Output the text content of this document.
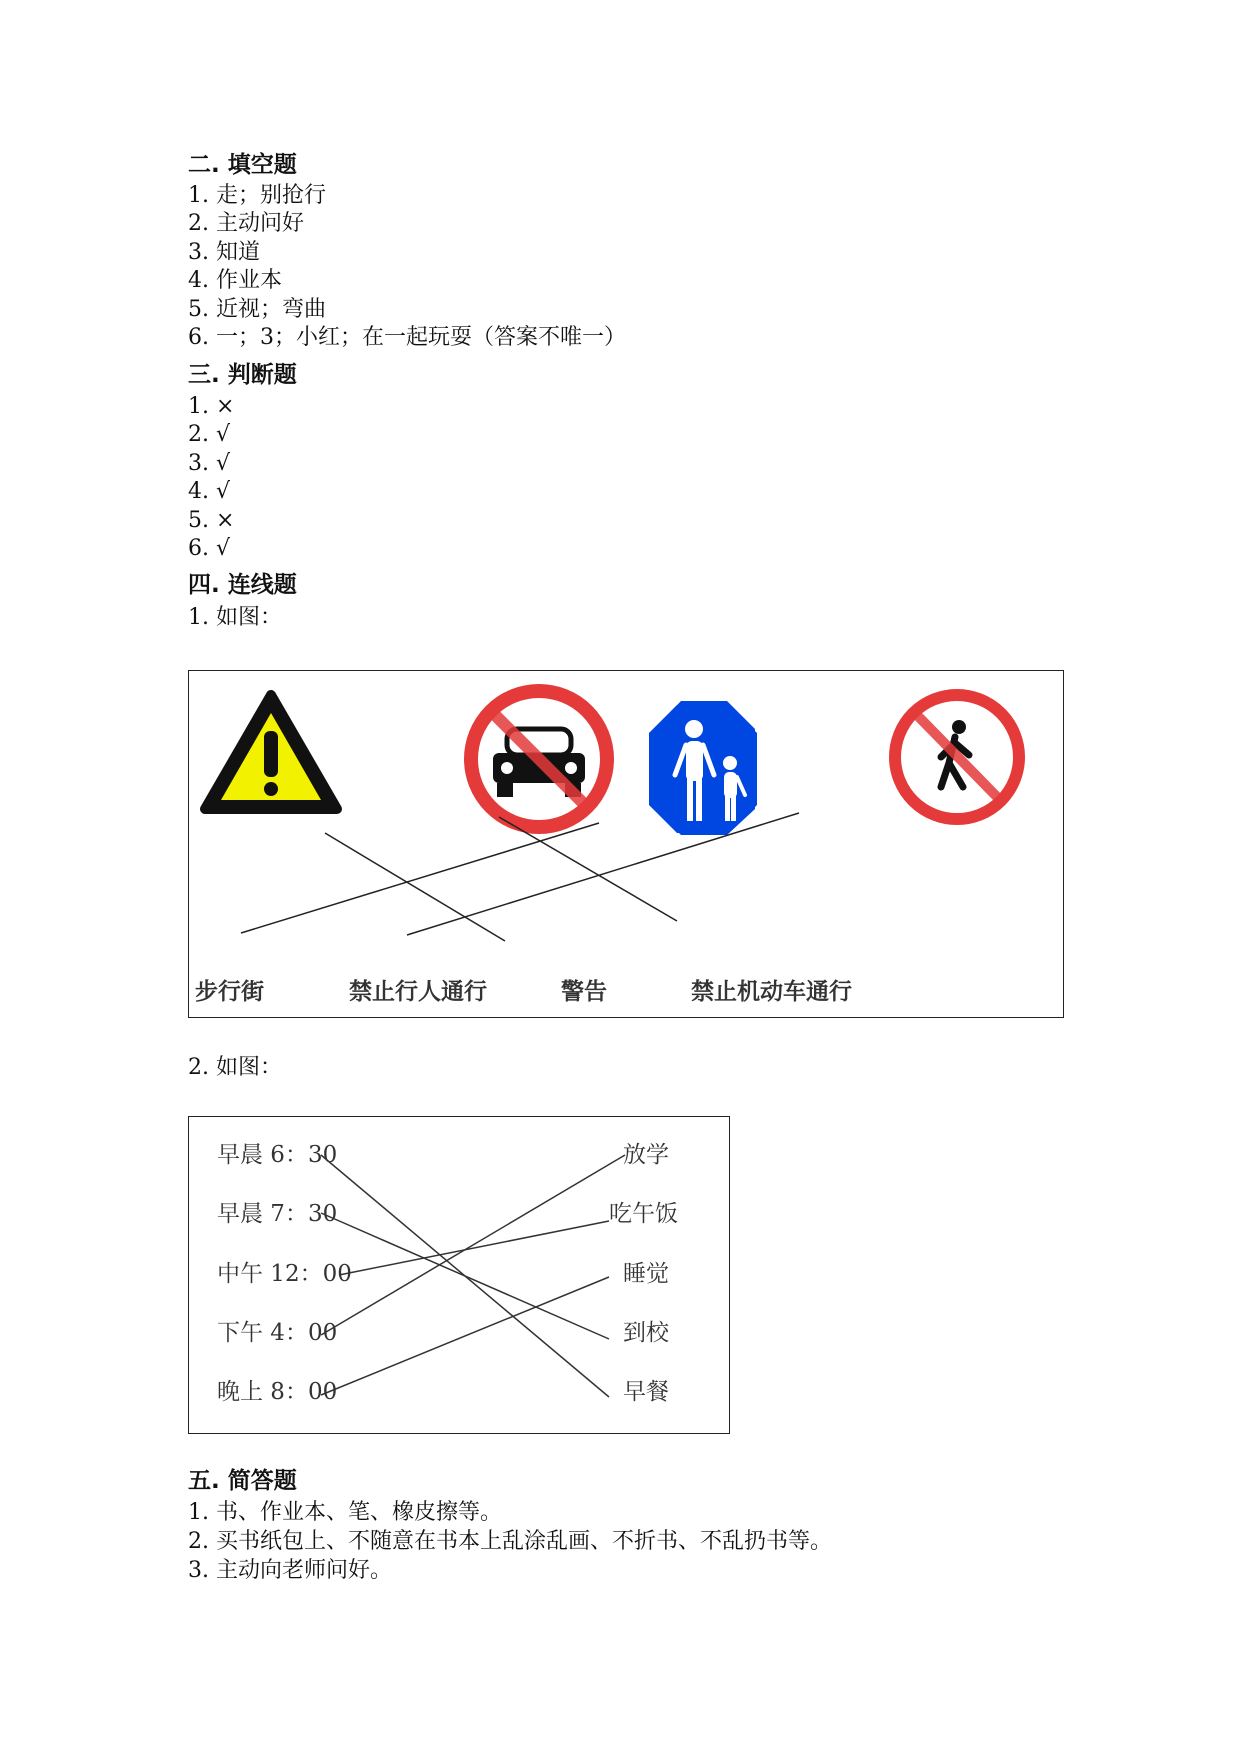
二. 填空题
1. 走；别抢行
2. 主动问好
3. 知道
4. 作业本
5. 近视；弯曲
6. 一；3；小红；在一起玩耍（答案不唯一）
三. 判断题
1. ×
2. √
3. √
4. √
5. ×
6. √
四. 连线题
1. 如图：
步行街	禁止行人通行	警告	禁止机动车通行
2. 如图：
早晨 6：30
早晨 7：30
中午 12：00
下午 4：00
晚上 8：00
放学
吃午饭
睡觉
到校
早餐
五. 简答题
1. 书、作业本、笔、橡皮擦等。
2. 买书纸包上、不随意在书本上乱涂乱画、不折书、不乱扔书等。
3. 主动向老师问好。
